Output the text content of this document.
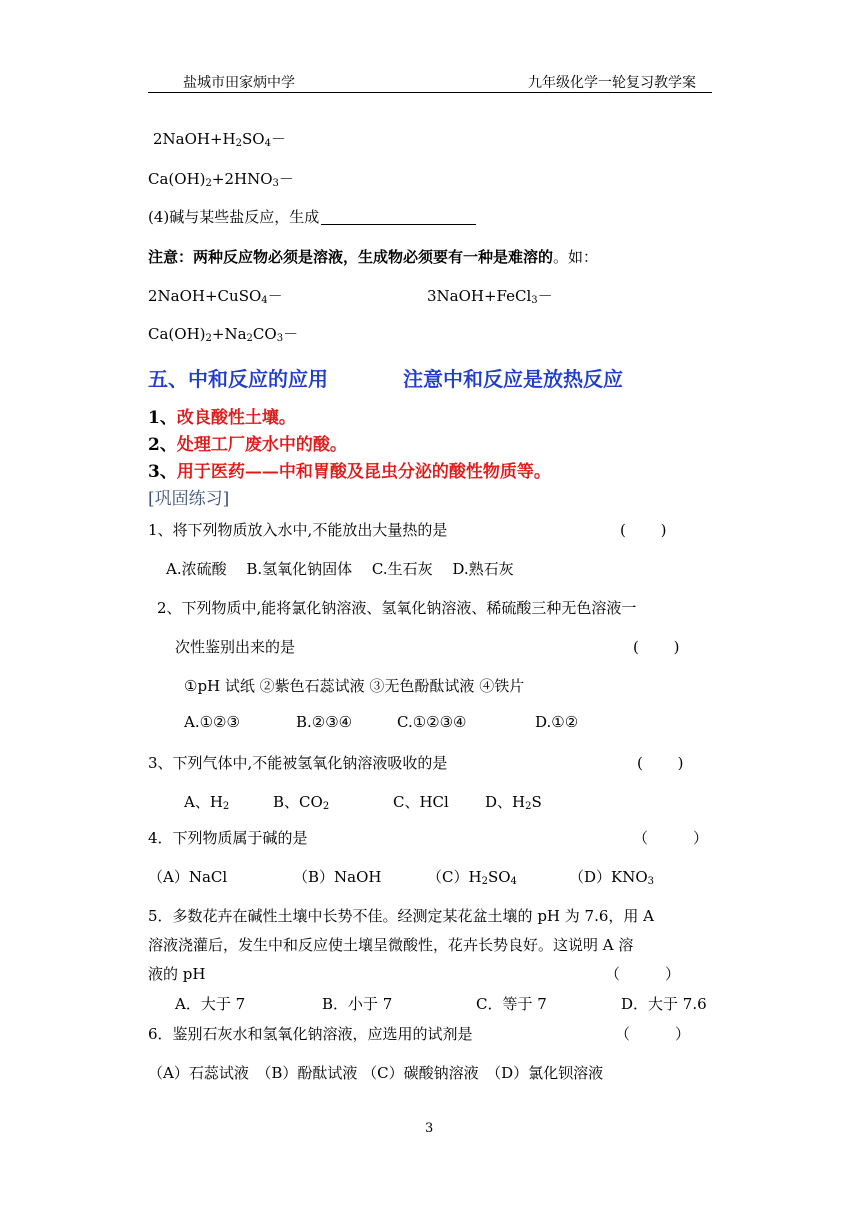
盐城市田家炳中学	九年级化学一轮复习教学案
$2NaOH+H_2SO_4-$
$Ca(OH)_2+2HNO_3-$
(4)碱与某些盐反应，生成
注意：两种反应物必须是溶液，生成物必须要有一种是难溶的。如：
2NaOH+CuSO$_4$－	3NaOH+FeCl$_3$－
$Ca(OH)_2+Na_2CO_3-$
五、中和反应的应用	注意中和反应是放热反应
1、改良酸性土壤。
2、处理工厂废水中的酸。
3、用于医药——中和胃酸及昆虫分泌的酸性物质等。
[巩固练习]
1、将下列物质放入水中,不能放出大量热的是	(　　 )
A.浓硫酸　 B.氢氧化钠固体　 C.生石灰　 D.熟石灰
2、下列物质中,能将氯化钠溶液、氢氧化钠溶液、稀硫酸三种无色溶液一
次性鉴别出来的是	(　　 )
①pH 试纸 ②紫色石蕊试液 ③无色酚酞试液 ④铁片
A.①②③	B.②③④	C.①②③④	D.①②
3、下列气体中,不能被氢氧化钠溶液吸收的是	(　　 )
A、$H_2$	B、$CO_2$	C、HCl D、$H_2S$
4．下列物质属于碱的是	（　　　）
（A）NaCl	（B）NaOH	$(C)H_2SO_4$	$(D)KNO_3$
5．多数花卉在碱性土壤中长势不佳。经测定某花盆土壤的 pH 为 7.6，用 A
溶液浇灌后，发生中和反应使土壤呈微酸性，花卉长势良好。这说明 A 溶
液的 pH	（　　　）
A．大于 7	B．小于 7	C．等于 7	D．大于 7.6
6．鉴别石灰水和氢氧化钠溶液，应选用的试剂是	（　　　）
（A）石蕊试液　（B）酚酞试液 （C）碳酸钠溶液　（D）氯化钡溶液
3
